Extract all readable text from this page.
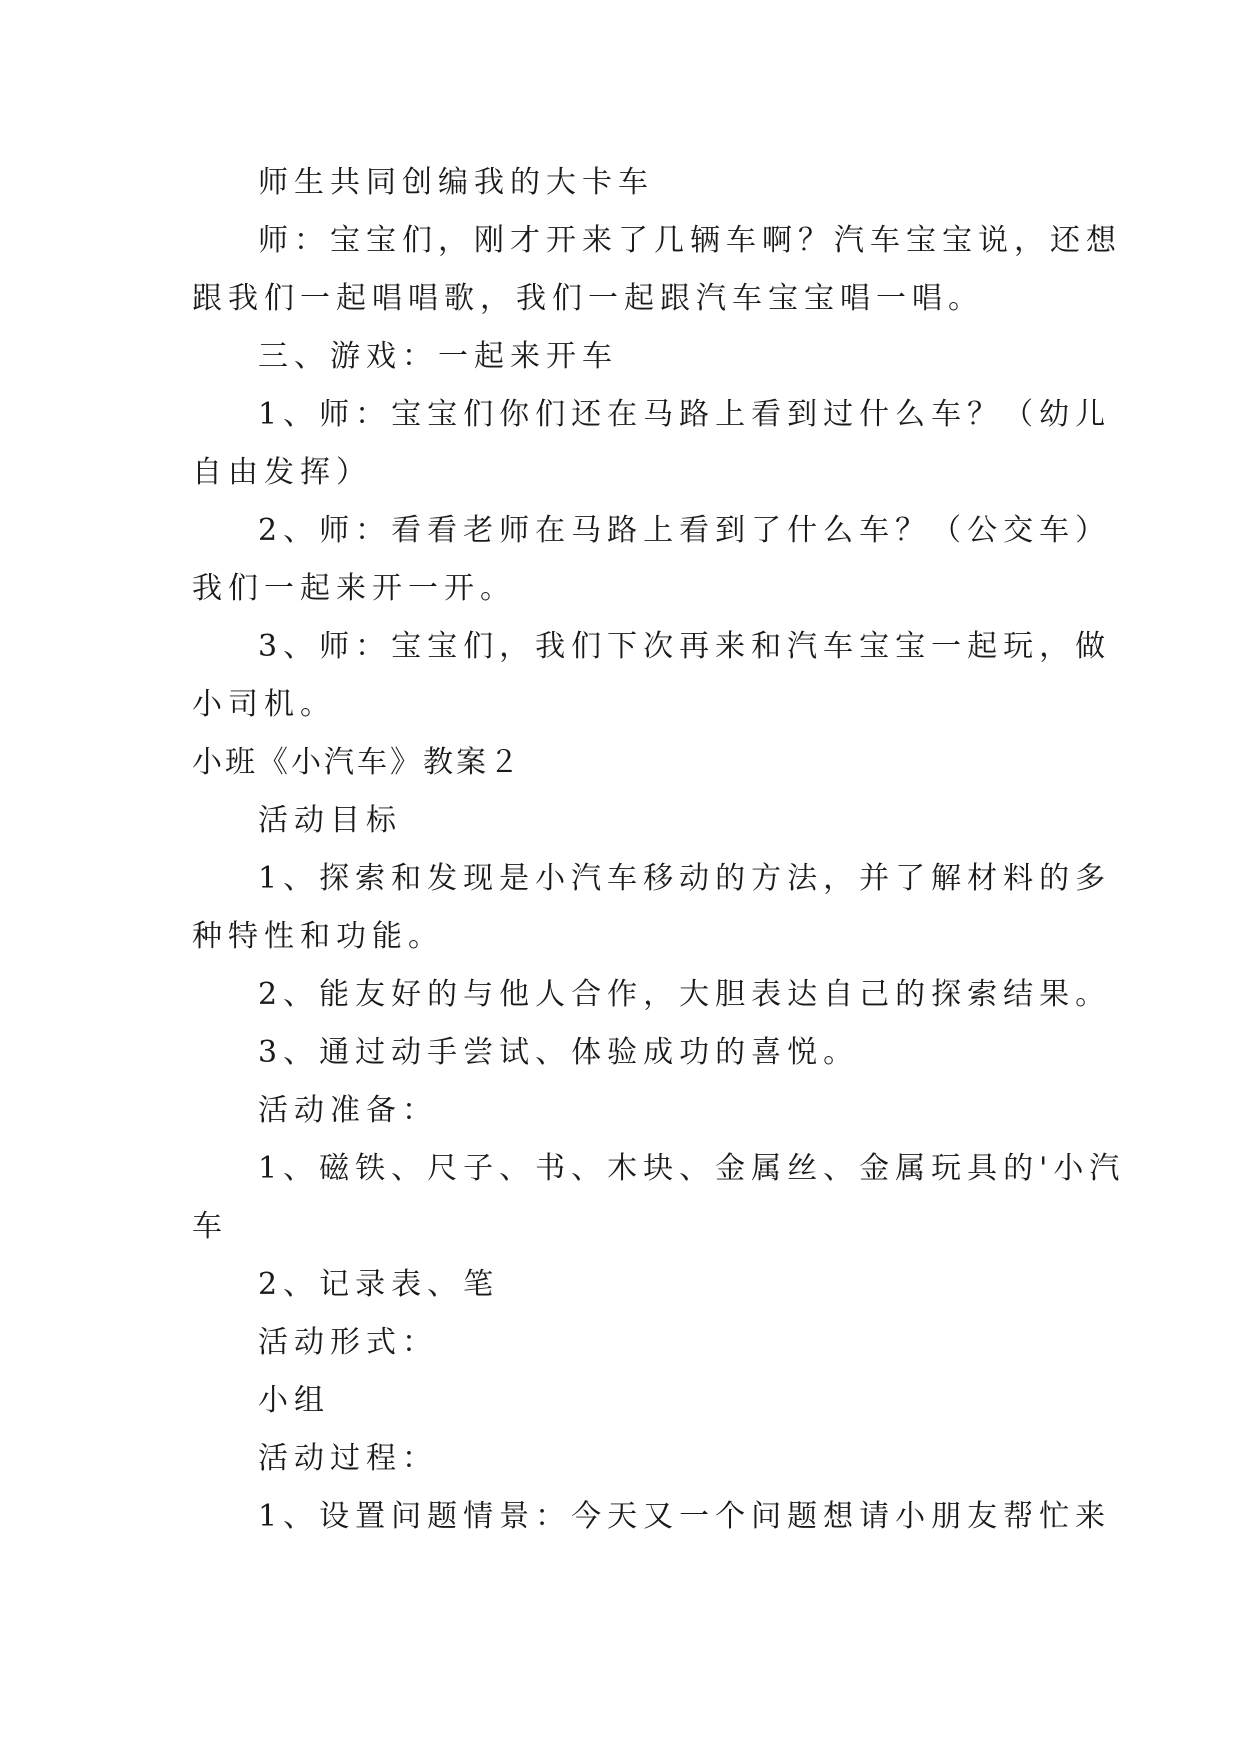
师生共同创编我的大卡车
师：宝宝们，刚才开来了几辆车啊？汽车宝宝说，还想
跟我们一起唱唱歌，我们一起跟汽车宝宝唱一唱。
三、游戏：一起来开车
1、师：宝宝们你们还在马路上看到过什么车？（幼儿
自由发挥）
2、师：看看老师在马路上看到了什么车？（公交车）
我们一起来开一开。
3、师：宝宝们，我们下次再来和汽车宝宝一起玩，做
小司机。
小班《小汽车》教案２
活动目标
1、探索和发现是小汽车移动的方法，并了解材料的多
种特性和功能。
2、能友好的与他人合作，大胆表达自己的探索结果。
3、通过动手尝试、体验成功的喜悦。
活动准备：
1、磁铁、尺子、书、木块、金属丝、金属玩具的'小汽
车
2、记录表、笔
活动形式：
小组
活动过程：
1、设置问题情景：今天又一个问题想请小朋友帮忙来
